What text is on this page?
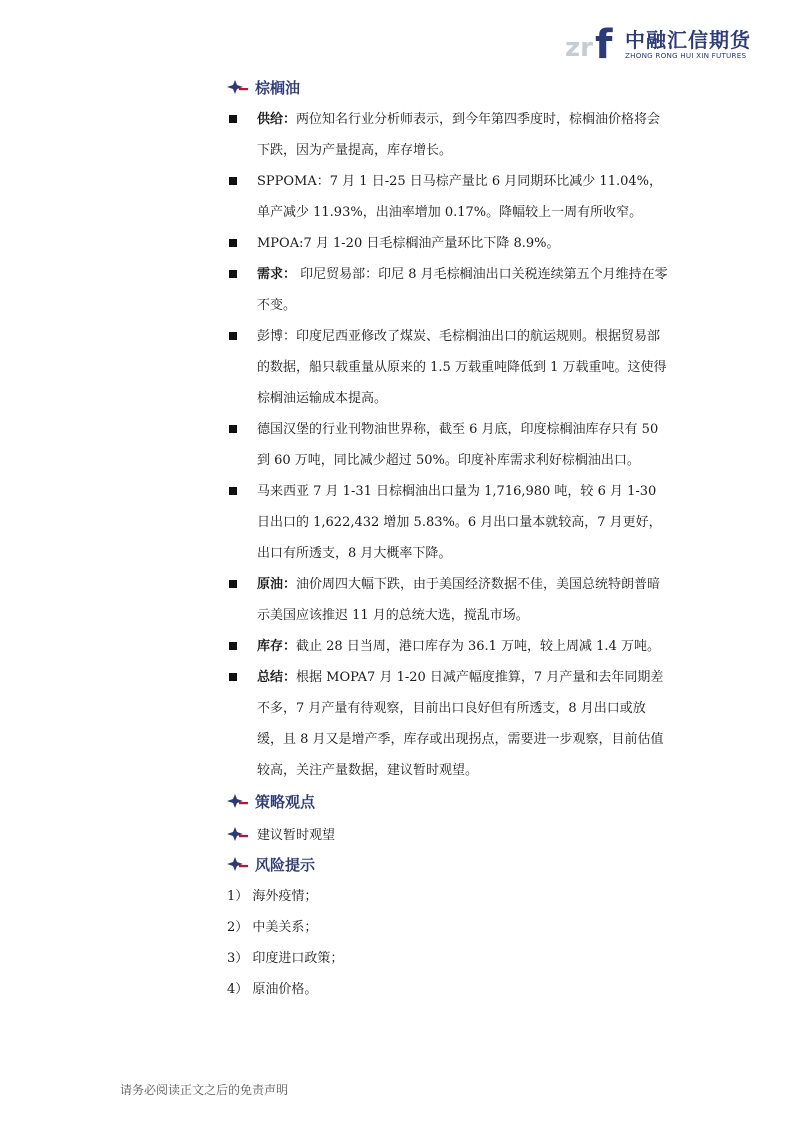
zr f 中融汇信期货
ZHONG RONG HUI XIN FUTURES
棕榈油

供给：两位知名行业分析师表示，到今年第四季度时，棕榈油价格将会下跌，因为产量提高，库存增长。

SPPOMA：7 月 1 日-25 日马棕产量比 6 月同期环比减少 11.04%，单产减少 11.93%，出油率增加 0.17%。降幅较上一周有所收窄。

MPOA:7 月 1-20 日毛棕榈油产量环比下降 8.9%。

需求： 印尼贸易部：印尼 8 月毛棕榈油出口关税连续第五个月维持在零不变。

彭博：印度尼西亚修改了煤炭、毛棕榈油出口的航运规则。根据贸易部的数据，船只载重量从原来的 1.5 万载重吨降低到 1 万载重吨。这使得棕榈油运输成本提高。

德国汉堡的行业刊物油世界称，截至 6 月底，印度棕榈油库存只有 50 到 60 万吨，同比减少超过 50%。印度补库需求利好棕榈油出口。

马来西亚 7 月 1-31 日棕榈油出口量为 1,716,980 吨，较 6 月 1-30 日出口的 1,622,432 增加 5.83%。6 月出口量本就较高，7 月更好，出口有所透支，8 月大概率下降。

原油：油价周四大幅下跌，由于美国经济数据不佳，美国总统特朗普暗示美国应该推迟 11 月的总统大选，搅乱市场。

库存：截止 28 日当周，港口库存为 36.1 万吨，较上周减 1.4 万吨。

总结：根据 MOPA7 月 1-20 日减产幅度推算，7 月产量和去年同期差不多，7 月产量有待观察，目前出口良好但有所透支，8 月出口或放缓，且 8 月又是增产季，库存或出现拐点，需要进一步观察，目前估值较高，关注产量数据，建议暂时观望。

策略观点
建议暂时观望
风险提示
1） 海外疫情；
2） 中美关系；
3） 印度进口政策；
4） 原油价格。
请务必阅读正文之后的免责声明
